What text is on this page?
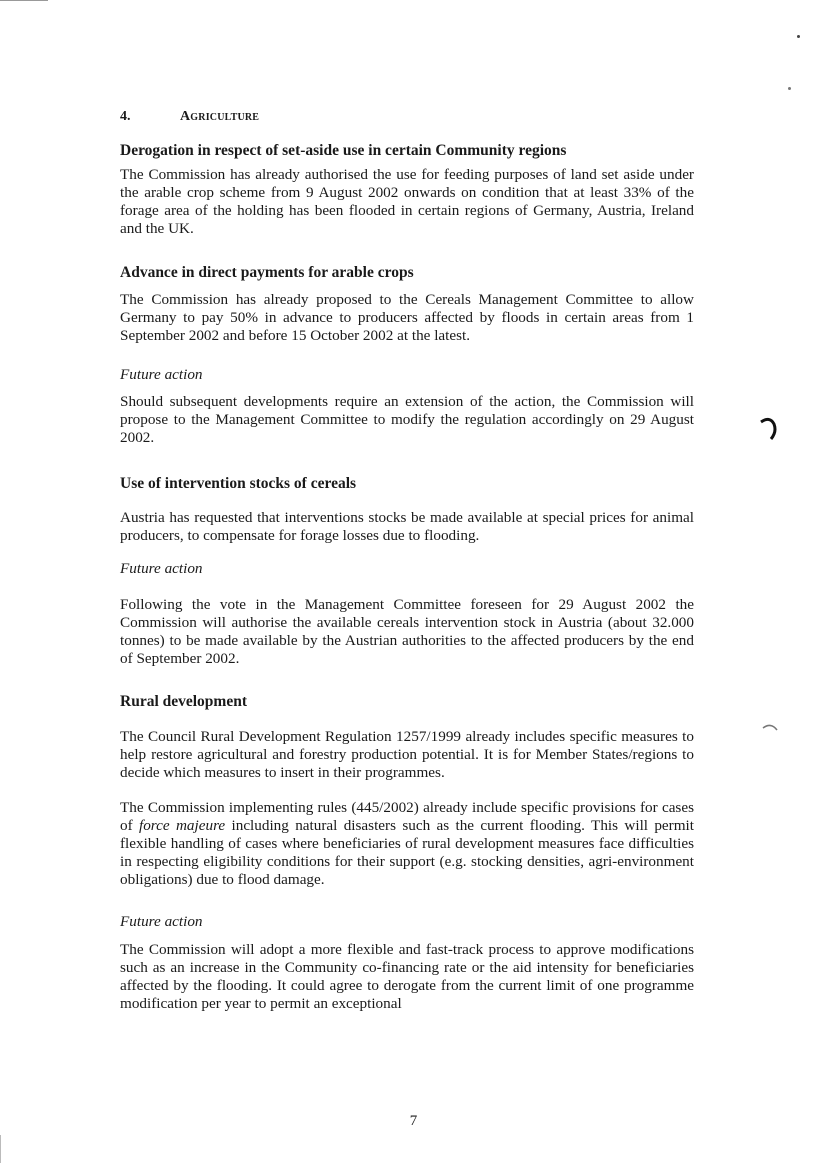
4.	Agriculture
Derogation in respect of set-aside use in certain Community regions

The Commission has already authorised the use for feeding purposes of land set aside under the arable crop scheme from 9 August 2002 onwards on condition that at least 33% of the forage area of the holding has been flooded in certain regions of Germany, Austria, Ireland and the UK.

Advance in direct payments for arable crops

The Commission has already proposed to the Cereals Management Committee to allow Germany to pay 50% in advance to producers affected by floods in certain areas from 1 September 2002 and before 15 October 2002 at the latest.

Future action

Should subsequent developments require an extension of the action, the Commission will propose to the Management Committee to modify the regulation accordingly on 29 August 2002.

Use of intervention stocks of cereals

Austria has requested that interventions stocks be made available at special prices for animal producers, to compensate for forage losses due to flooding.

Future action

Following the vote in the Management Committee foreseen for 29 August 2002 the Commission will authorise the available cereals intervention stock in Austria (about 32.000 tonnes) to be made available by the Austrian authorities to the affected producers by the end of September 2002.

Rural development

The Council Rural Development Regulation 1257/1999 already includes specific measures to help restore agricultural and forestry production potential. It is for Member States/regions to decide which measures to insert in their programmes.

The Commission implementing rules (445/2002) already include specific provisions for cases of force majeure including natural disasters such as the current flooding. This will permit flexible handling of cases where beneficiaries of rural development measures face difficulties in respecting eligibility conditions for their support (e.g. stocking densities, agri-environment obligations) due to flood damage.

Future action

The Commission will adopt a more flexible and fast-track process to approve modifications such as an increase in the Community co-financing rate or the aid intensity for beneficiaries affected by the flooding. It could agree to derogate from the current limit of one programme modification per year to permit an exceptional

7
